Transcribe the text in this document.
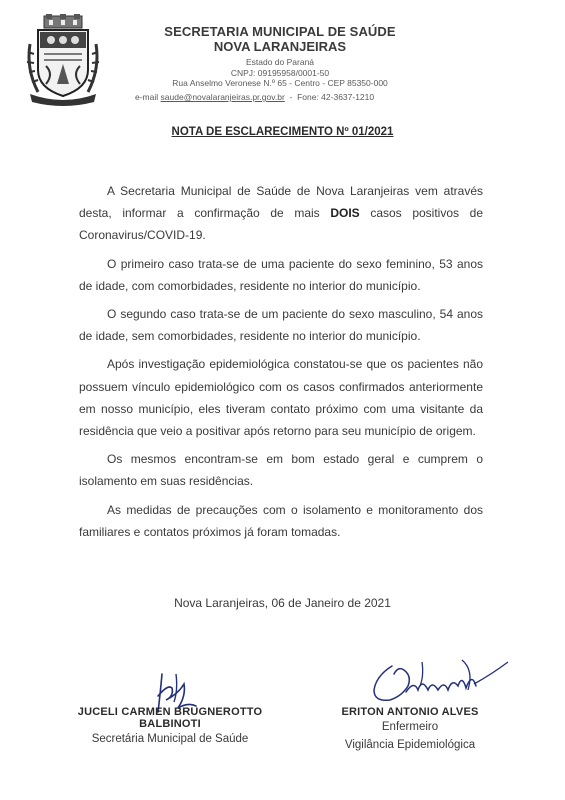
SECRETARIA MUNICIPAL DE SAÚDE
NOVA LARANJEIRAS
Estado do Paraná
CNPJ: 09195958/0001-50
Rua Anselmo Veronese N.º 65 - Centro - CEP 85350-000
e-mail saude@novalaranjeiras.pr.gov.br  -  Fone: 42-3637-1210
NOTA DE ESCLARECIMENTO Nº 01/2021

A Secretaria Municipal de Saúde de Nova Laranjeiras vem através desta, informar a confirmação de mais DOIS casos positivos de Coronavirus/COVID-19.

O primeiro caso trata-se de uma paciente do sexo feminino, 53 anos de idade, com comorbidades, residente no interior do município.

O segundo caso trata-se de um paciente do sexo masculino, 54 anos de idade, sem comorbidades, residente no interior do município.

Após investigação epidemiológica constatou-se que os pacientes não possuem vínculo epidemiológico com os casos confirmados anteriormente em nosso município, eles tiveram contato próximo com uma visitante da residência que veio a positivar após retorno para seu município de origem.

Os mesmos encontram-se em bom estado geral e cumprem o isolamento em suas residências.

As medidas de precauções com o isolamento e monitoramento dos familiares e contatos próximos já foram tomadas.

Nova Laranjeiras, 06 de Janeiro de 2021
JUCELI CARMEN BRUGNEROTTO BALBINOTI
Secretária Municipal de Saúde
ERITON ANTONIO ALVES
Enfermeiro
Vigilância Epidemiológica
